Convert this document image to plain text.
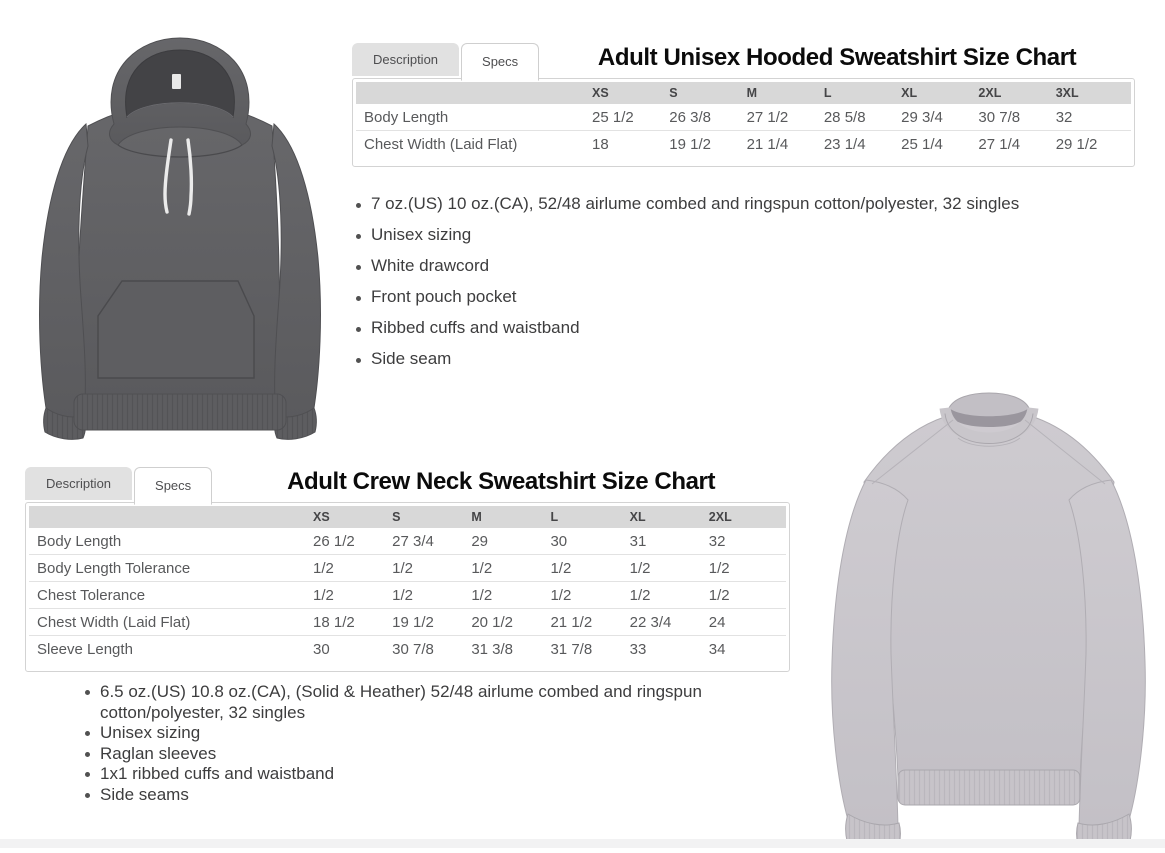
Description	Specs	Adult Unisex Hooded Sweatshirt Size Chart
	XS	S	M	L	XL	2XL	3XL
Body Length	25 1/2	26 3/8	27 1/2	28 5/8	29 3/4	30 7/8	32
Chest Width (Laid Flat)	18	19 1/2	21 1/4	23 1/4	25 1/4	27 1/4	29 1/2
7 oz.(US) 10 oz.(CA), 52/48 airlume combed and ringspun cotton/polyester, 32 singles
Unisex sizing
White drawcord
Front pouch pocket
Ribbed cuffs and waistband
Side seam
Description	Specs	Adult Crew Neck Sweatshirt Size Chart
	XS	S	M	L	XL	2XL
Body Length	26 1/2	27 3/4	29	30	31	32
Body Length Tolerance	1/2	1/2	1/2	1/2	1/2	1/2
Chest Tolerance	1/2	1/2	1/2	1/2	1/2	1/2
Chest Width (Laid Flat)	18 1/2	19 1/2	20 1/2	21 1/2	22 3/4	24
Sleeve Length	30	30 7/8	31 3/8	31 7/8	33	34
6.5 oz.(US) 10.8 oz.(CA), (Solid & Heather) 52/48 airlume combed and ringspun cotton/polyester, 32 singles
Unisex sizing
Raglan sleeves
1x1 ribbed cuffs and waistband
Side seams
